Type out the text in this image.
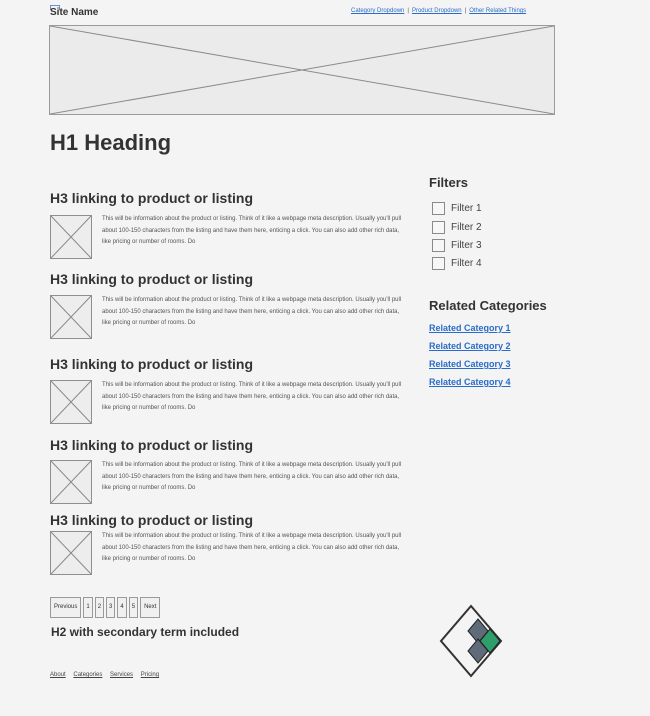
Site Name	Category Dropdown | Product Dropdown | Other Related Things
H1 Heading
H3 linking to product or listing
This will be information about the product or listing. Think of it like a webpage meta description. Usually you'll pull about 100-150 characters from the listing and have them here, enticing a click. You can also add other rich data, like pricing or number of rooms. Do
H3 linking to product or listing
This will be information about the product or listing. Think of it like a webpage meta description. Usually you'll pull about 100-150 characters from the listing and have them here, enticing a click. You can also add other rich data, like pricing or number of rooms. Do
H3 linking to product or listing
This will be information about the product or listing. Think of it like a webpage meta description. Usually you'll pull about 100-150 characters from the listing and have them here, enticing a click. You can also add other rich data, like pricing or number of rooms. Do
H3 linking to product or listing
This will be information about the product or listing. Think of it like a webpage meta description. Usually you'll pull about 100-150 characters from the listing and have them here, enticing a click. You can also add other rich data, like pricing or number of rooms. Do
H3 linking to product or listing
This will be information about the product or listing. Think of it like a webpage meta description. Usually you'll pull about 100-150 characters from the listing and have them here, enticing a click. You can also add other rich data, like pricing or number of rooms. Do
Filters
Filter 1
Filter 2
Filter 3
Filter 4
Related Categories
Related Category 1
Related Category 2
Related Category 3
Related Category 4
Previous	1	2	3	4	5	Next
H2 with secondary term included
About Categories Services Pricing
